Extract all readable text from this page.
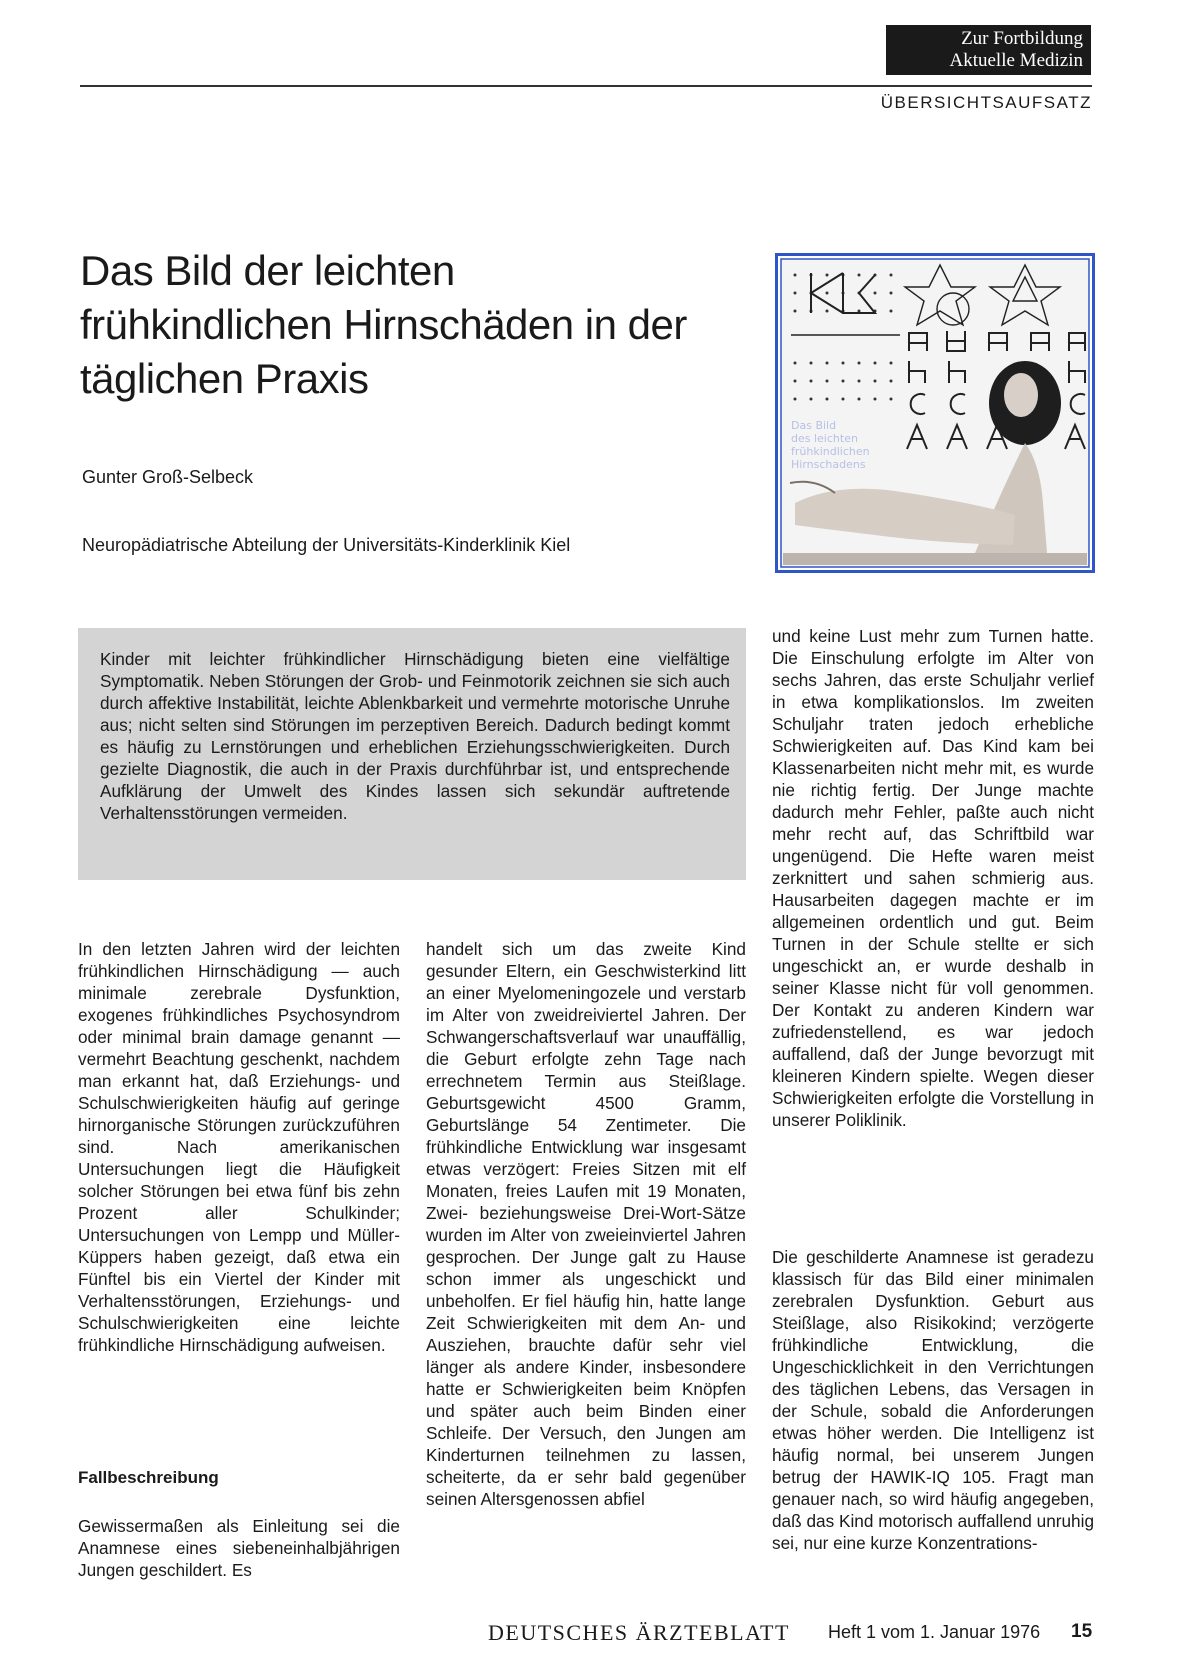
Zur Fortbildung
Aktuelle Medizin
ÜBERSICHTSAUFSATZ
Das Bild der leichten frühkindlichen Hirnschäden in der täglichen Praxis
Gunter Groß-Selbeck
Neuropädiatrische Abteilung der Universitäts-Kinderklinik Kiel
Das Bild
des leichten
frühkindlichen
Hirnschadens
Kinder mit leichter frühkindlicher Hirnschädigung bieten eine vielfältige Symptomatik. Neben Störungen der Grob- und Feinmotorik zeichnen sie sich auch durch affektive Instabilität, leichte Ablenkbarkeit und vermehrte motorische Unruhe aus; nicht selten sind Störungen im perzeptiven Bereich. Dadurch bedingt kommt es häufig zu Lernstörungen und erheblichen Erziehungsschwierigkeiten. Durch gezielte Diagnostik, die auch in der Praxis durchführbar ist, und entsprechende Aufklärung der Umwelt des Kindes lassen sich sekundär auftretende Verhaltensstörungen vermeiden.

In den letzten Jahren wird der leichten frühkindlichen Hirnschädigung — auch minimale zerebrale Dysfunktion, exogenes frühkindliches Psychosyndrom oder minimal brain damage genannt — vermehrt Beachtung geschenkt, nachdem man erkannt hat, daß Erziehungs- und Schulschwierigkeiten häufig auf geringe hirnorganische Störungen zurückzuführen sind. Nach amerikanischen Untersuchungen liegt die Häufigkeit solcher Störungen bei etwa fünf bis zehn Prozent aller Schulkinder; Untersuchungen von Lempp und Müller-Küppers haben gezeigt, daß etwa ein Fünftel bis ein Viertel der Kinder mit Verhaltensstörungen, Erziehungs- und Schulschwierigkeiten eine leichte frühkindliche Hirnschädigung aufweisen.

Fallbeschreibung

Gewissermaßen als Einleitung sei die Anamnese eines siebeneinhalbjährigen Jungen geschildert. Es

handelt sich um das zweite Kind gesunder Eltern, ein Geschwisterkind litt an einer Myelomeningozele und verstarb im Alter von zweidreiviertel Jahren. Der Schwangerschaftsverlauf war unauffällig, die Geburt erfolgte zehn Tage nach errechnetem Termin aus Steißlage. Geburtsgewicht 4500 Gramm, Geburtslänge 54 Zentimeter. Die frühkindliche Entwicklung war insgesamt etwas verzögert: Freies Sitzen mit elf Monaten, freies Laufen mit 19 Monaten, Zwei- beziehungsweise Drei-Wort-Sätze wurden im Alter von zweieinviertel Jahren gesprochen. Der Junge galt zu Hause schon immer als ungeschickt und unbeholfen. Er fiel häufig hin, hatte lange Zeit Schwierigkeiten mit dem An- und Ausziehen, brauchte dafür sehr viel länger als andere Kinder, insbesondere hatte er Schwierigkeiten beim Knöpfen und später auch beim Binden einer Schleife. Der Versuch, den Jungen am Kinderturnen teilnehmen zu lassen, scheiterte, da er sehr bald gegenüber seinen Altersgenossen abfiel

und keine Lust mehr zum Turnen hatte. Die Einschulung erfolgte im Alter von sechs Jahren, das erste Schuljahr verlief in etwa komplikationslos. Im zweiten Schuljahr traten jedoch erhebliche Schwierigkeiten auf. Das Kind kam bei Klassenarbeiten nicht mehr mit, es wurde nie richtig fertig. Der Junge machte dadurch mehr Fehler, paßte auch nicht mehr recht auf, das Schriftbild war ungenügend. Die Hefte waren meist zerknittert und sahen schmierig aus. Hausarbeiten dagegen machte er im allgemeinen ordentlich und gut. Beim Turnen in der Schule stellte er sich ungeschickt an, er wurde deshalb in seiner Klasse nicht für voll genommen. Der Kontakt zu anderen Kindern war zufriedenstellend, es war jedoch auffallend, daß der Junge bevorzugt mit kleineren Kindern spielte. Wegen dieser Schwierigkeiten erfolgte die Vorstellung in unserer Poliklinik.

Die geschilderte Anamnese ist geradezu klassisch für das Bild einer minimalen zerebralen Dysfunktion. Geburt aus Steißlage, also Risikokind; verzögerte frühkindliche Entwicklung, die Ungeschicklichkeit in den Verrichtungen des täglichen Lebens, das Versagen in der Schule, sobald die Anforderungen etwas höher werden. Die Intelligenz ist häufig normal, bei unserem Jungen betrug der HAWIK-IQ 105. Fragt man genauer nach, so wird häufig angegeben, daß das Kind motorisch auffallend unruhig sei, nur eine kurze Konzentrations-

DEUTSCHES ÄRZTEBLATT Heft 1 vom 1. Januar 1976 15
